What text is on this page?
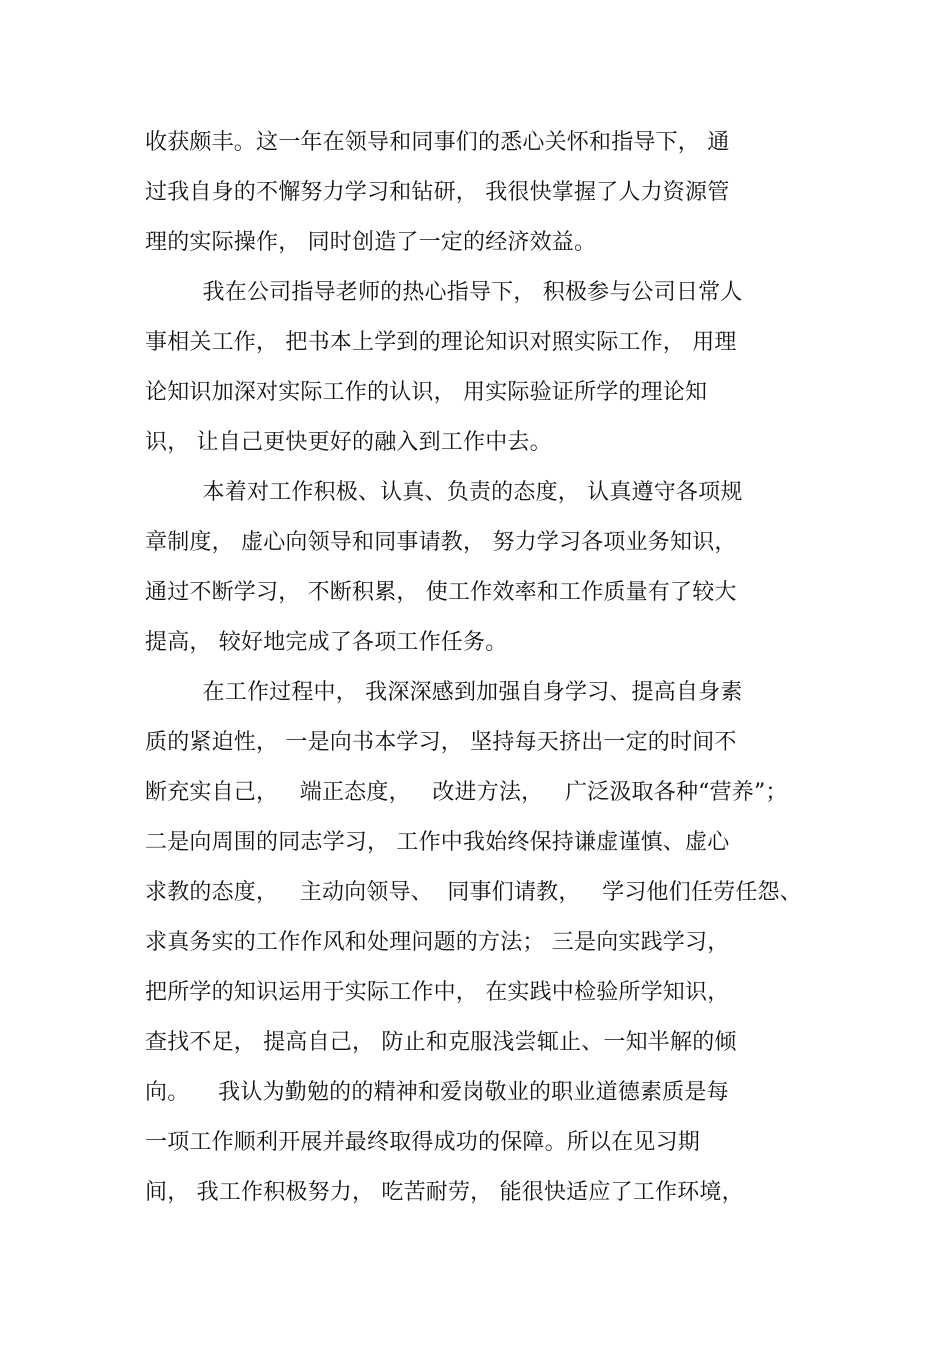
收获颇丰。这一年在领导和同事们的悉心关怀和指导下， 通
过我自身的不懈努力学习和钻研， 我很快掌握了人力资源管
理的实际操作， 同时创造了一定的经济效益。
我在公司指导老师的热心指导下， 积极参与公司日常人
事相关工作， 把书本上学到的理论知识对照实际工作， 用理
论知识加深对实际工作的认识， 用实际验证所学的理论知
识， 让自己更快更好的融入到工作中去。
本着对工作积极、认真、负责的态度， 认真遵守各项规
章制度， 虚心向领导和同事请教， 努力学习各项业务知识，
通过不断学习， 不断积累， 使工作效率和工作质量有了较大
提高， 较好地完成了各项工作任务。
在工作过程中， 我深深感到加强自身学习、提高自身素
质的紧迫性， 一是向书本学习， 坚持每天挤出一定的时间不
断充实自己，   端正态度，   改进方法，   广泛汲取各种“营养”；
二是向周围的同志学习， 工作中我始终保持谦虚谨慎、虚心
求教的态度，   主动向领导、  同事们请教，   学习他们任劳任怨、
求真务实的工作作风和处理问题的方法； 三是向实践学习，
把所学的知识运用于实际工作中， 在实践中检验所学知识，
查找不足， 提高自己， 防止和克服浅尝辄止、一知半解的倾
向。    我认为勤勉的的精神和爱岗敬业的职业道德素质是每
一项工作顺利开展并最终取得成功的保障。所以在见习期
间， 我工作积极努力， 吃苦耐劳， 能很快适应了工作环境，
